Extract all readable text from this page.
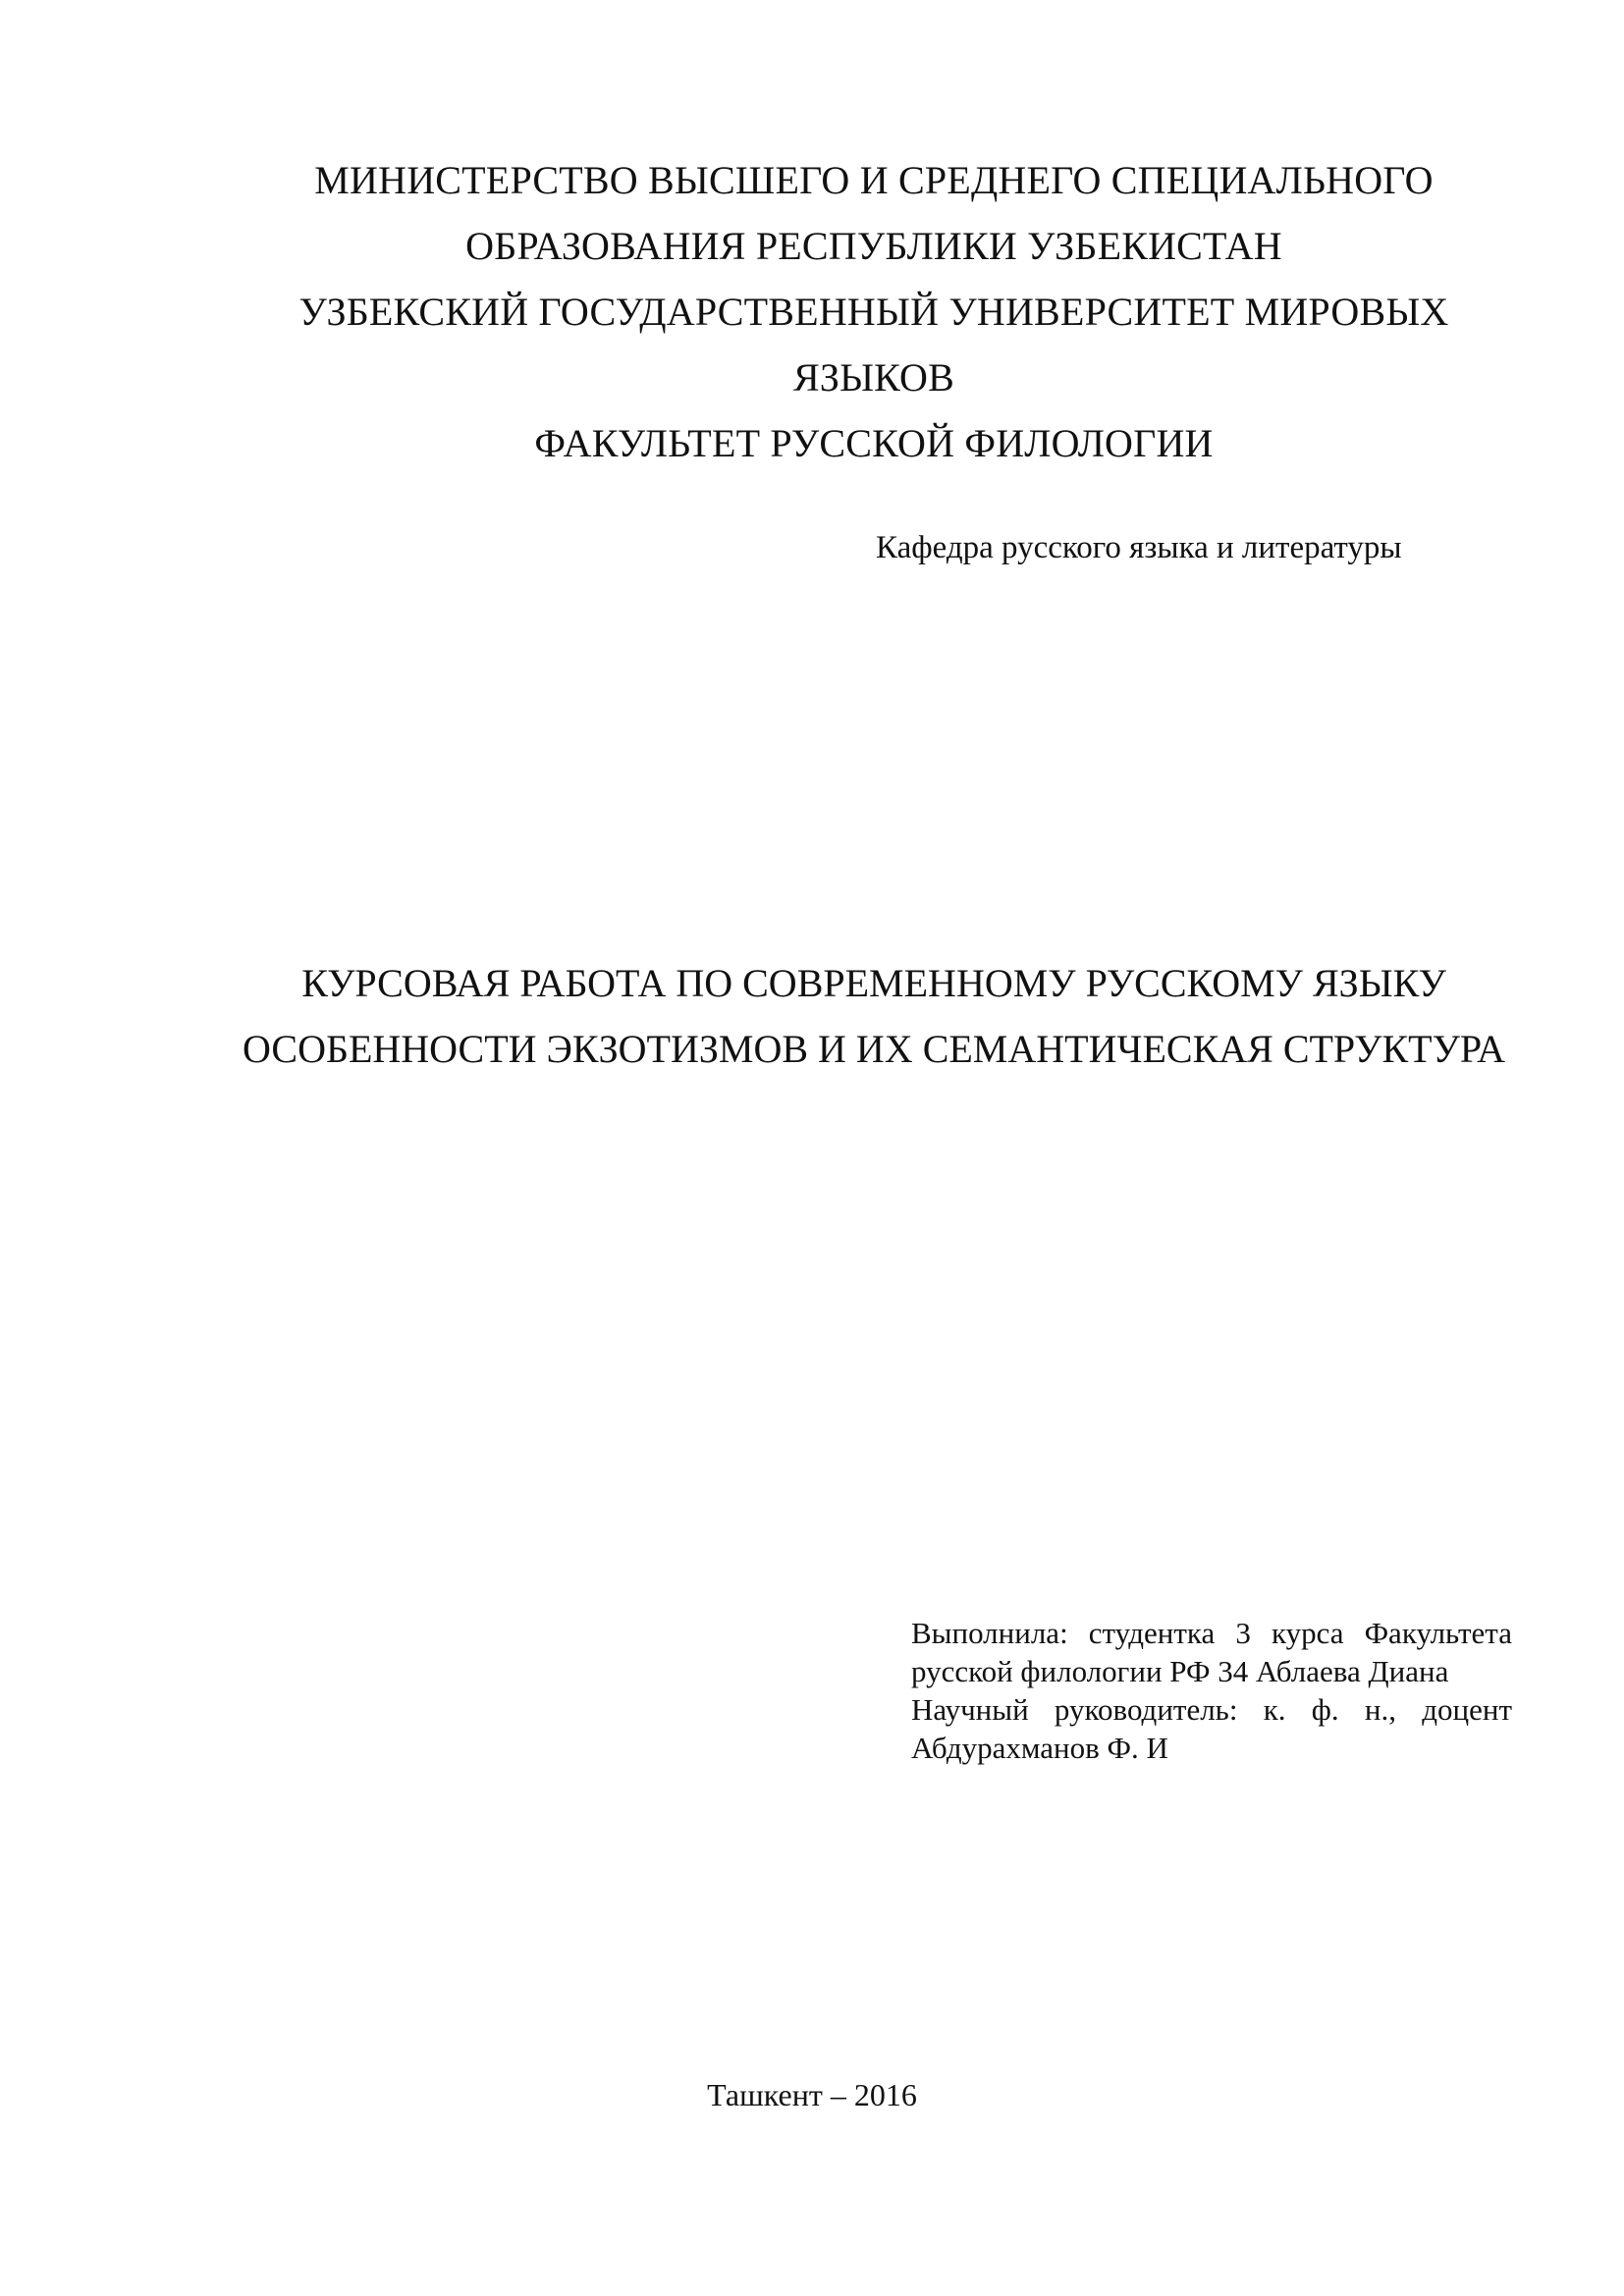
МИНИСТЕРСТВО ВЫСШЕГО И СРЕДНЕГО СПЕЦИАЛЬНОГО
ОБРАЗОВАНИЯ РЕСПУБЛИКИ УЗБЕКИСТАН
УЗБЕКСКИЙ ГОСУДАРСТВЕННЫЙ УНИВЕРСИТЕТ МИРОВЫХ
ЯЗЫКОВ
ФАКУЛЬТЕТ РУССКОЙ ФИЛОЛОГИИ
Кафедра русского языка и литературы
КУРСОВАЯ РАБОТА ПО СОВРЕМЕННОМУ РУССКОМУ ЯЗЫКУ
ОСОБЕННОСТИ ЭКЗОТИЗМОВ И ИХ СЕМАНТИЧЕСКАЯ СТРУКТУРА
Выполнила: студентка 3 курса Факультета
русской филологии РФ 34 Аблаева Диана
Научный руководитель: к. ф. н., доцент
Абдурахманов Ф. И
Ташкент – 2016
